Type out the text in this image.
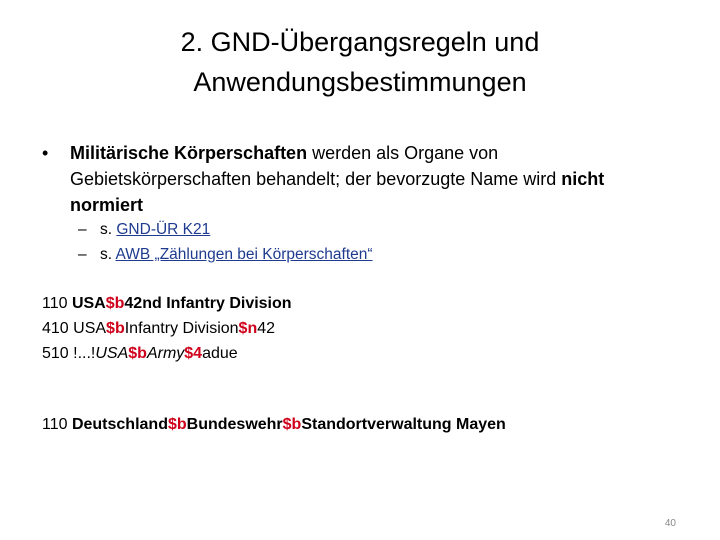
2. GND-Übergangsregeln und
Anwendungsbestimmungen
• Militärische Körperschaften werden als Organe von Gebietskörperschaften behandelt; der bevorzugte Name wird nicht normiert
– s. GND-ÜR K21
– s. AWB „Zählungen bei Körperschaften“
110 USA$b42nd Infantry Division
410 USA$bInfantry Division$n42
510 !...!USA$bArmy$4adue
110 Deutschland$bBundeswehr$bStandortverwaltung Mayen
40
